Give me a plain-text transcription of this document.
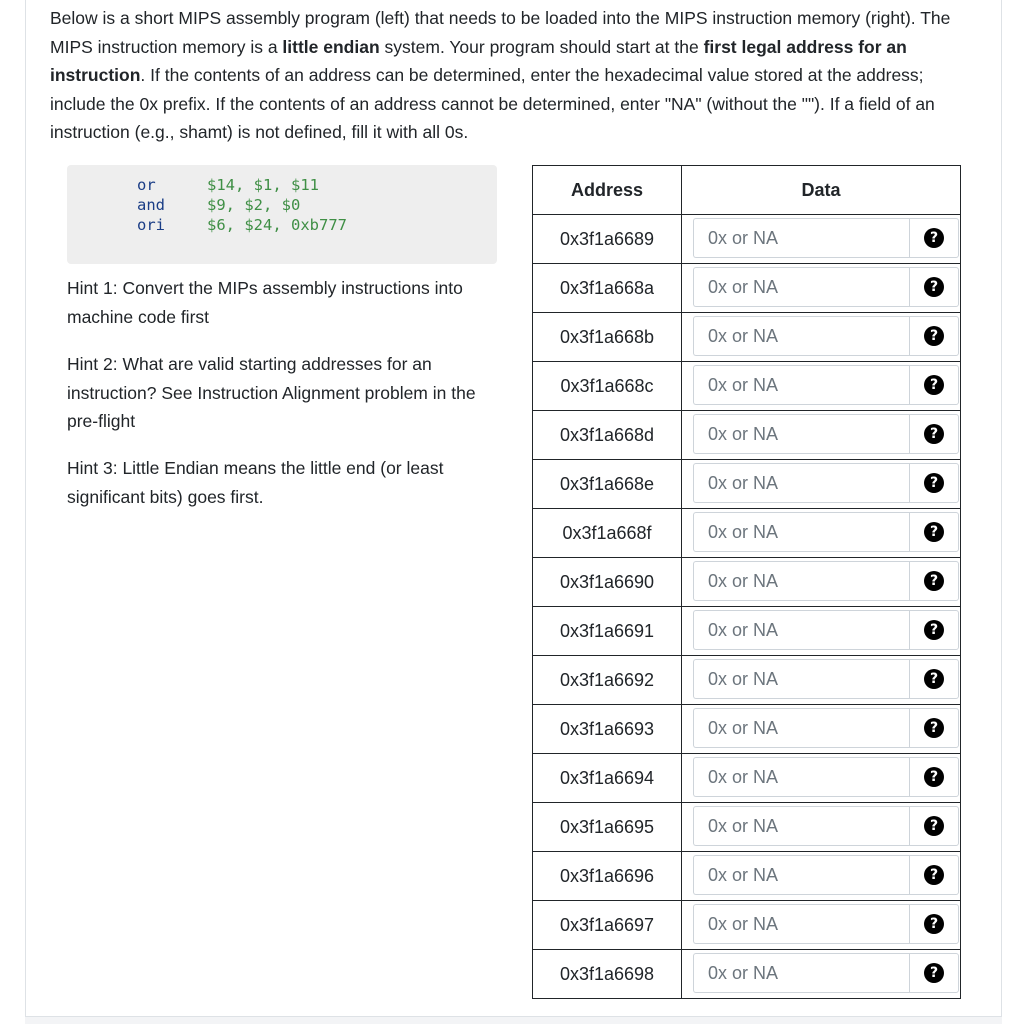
Below is a short MIPS assembly program (left) that needs to be loaded into the MIPS instruction memory (right). The MIPS instruction memory is a little endian system. Your program should start at the first legal address for an instruction. If the contents of an address can be determined, enter the hexadecimal value stored at the address; include the 0x prefix. If the contents of an address cannot be determined, enter "NA" (without the ""). If a field of an instruction (e.g., shamt) is not defined, fill it with all 0s.

or	$14, $1, $11
and	$9, $2, $0
ori	$6, $24, 0xb777

Hint 1: Convert the MIPs assembly instructions into machine code first

Hint 2: What are valid starting addresses for an instruction? See Instruction Alignment problem in the pre-flight

Hint 3: Little Endian means the little end (or least significant bits) goes first.

Address	Data
0x3f1a6689	
0x or NA?

0x3f1a668a	
0x or NA?

0x3f1a668b	
0x or NA?

0x3f1a668c	
0x or NA?

0x3f1a668d	
0x or NA?

0x3f1a668e	
0x or NA?

0x3f1a668f	
0x or NA?

0x3f1a6690	
0x or NA?

0x3f1a6691	
0x or NA?

0x3f1a6692	
0x or NA?

0x3f1a6693	
0x or NA?

0x3f1a6694	
0x or NA?

0x3f1a6695	
0x or NA?

0x3f1a6696	
0x or NA?

0x3f1a6697	
0x or NA?

0x3f1a6698	
0x or NA?
